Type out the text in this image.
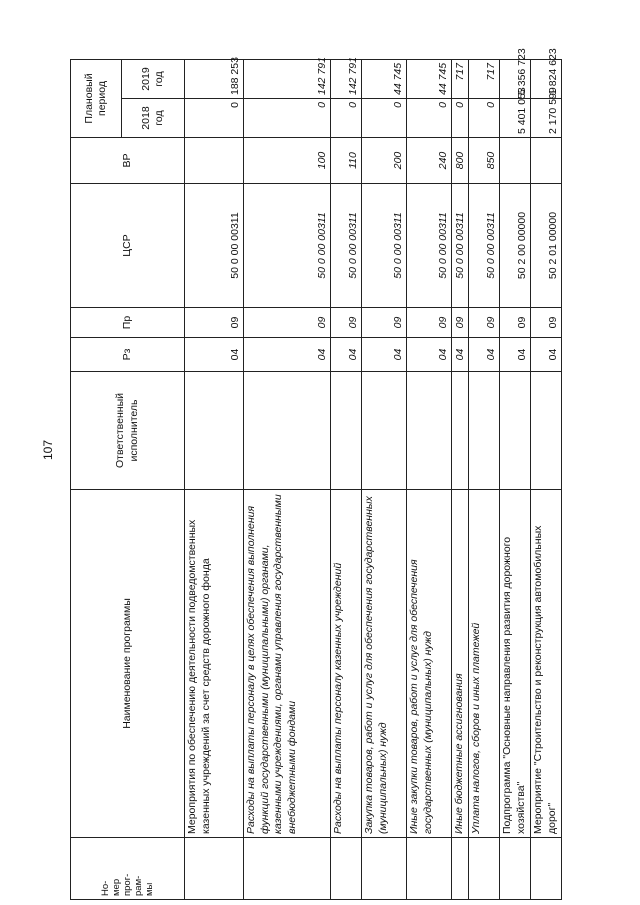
107
Но-
мер
прог-
рам-
мы	Наименование программы	Ответственный исполнитель	Рз	Пр	ЦСР	ВР	Плановый период	
							2018 год	2019 год
	Мероприятия по обеспечению деятельности подведомственных казенных учреждений за счет средств дорожного фонда		04	09	50 0 00 00311		0	188 253
	Расходы на выплаты персоналу в целях обеспечения выполнения функций государственными (муниципальными) органами, казенными учреждениями, органами управления государственными внебюджетными фондами		04	09	50 0 00 00311	100	0	142 791
	Расходы на выплаты персоналу казенных учреждений		04	09	50 0 00 00311	110	0	142 791
	Закупка товаров, работ и услуг для обеспечения государственных (муниципальных) нужд		04	09	50 0 00 00311	200	0	44 745
	Иные закупки товаров, работ и услуг для обеспечения государственных (муниципальных) нужд		04	09	50 0 00 00311	240	0	44 745
	Иные бюджетные ассигнования		04	09	50 0 00 00311	800	0	717
	Уплата налогов, сборов и иных платежей		04	09	50 0 00 00311	850	0	717
	Подпрограмма "Основные направления развития дорожного хозяйства"		04	09	50 2 00 00000		5 401 053	5 356 723
	Мероприятие "Строительство и реконструкция автомобильных дорог"		04	09	50 2 01 00000		2 170 599	1 824 623
